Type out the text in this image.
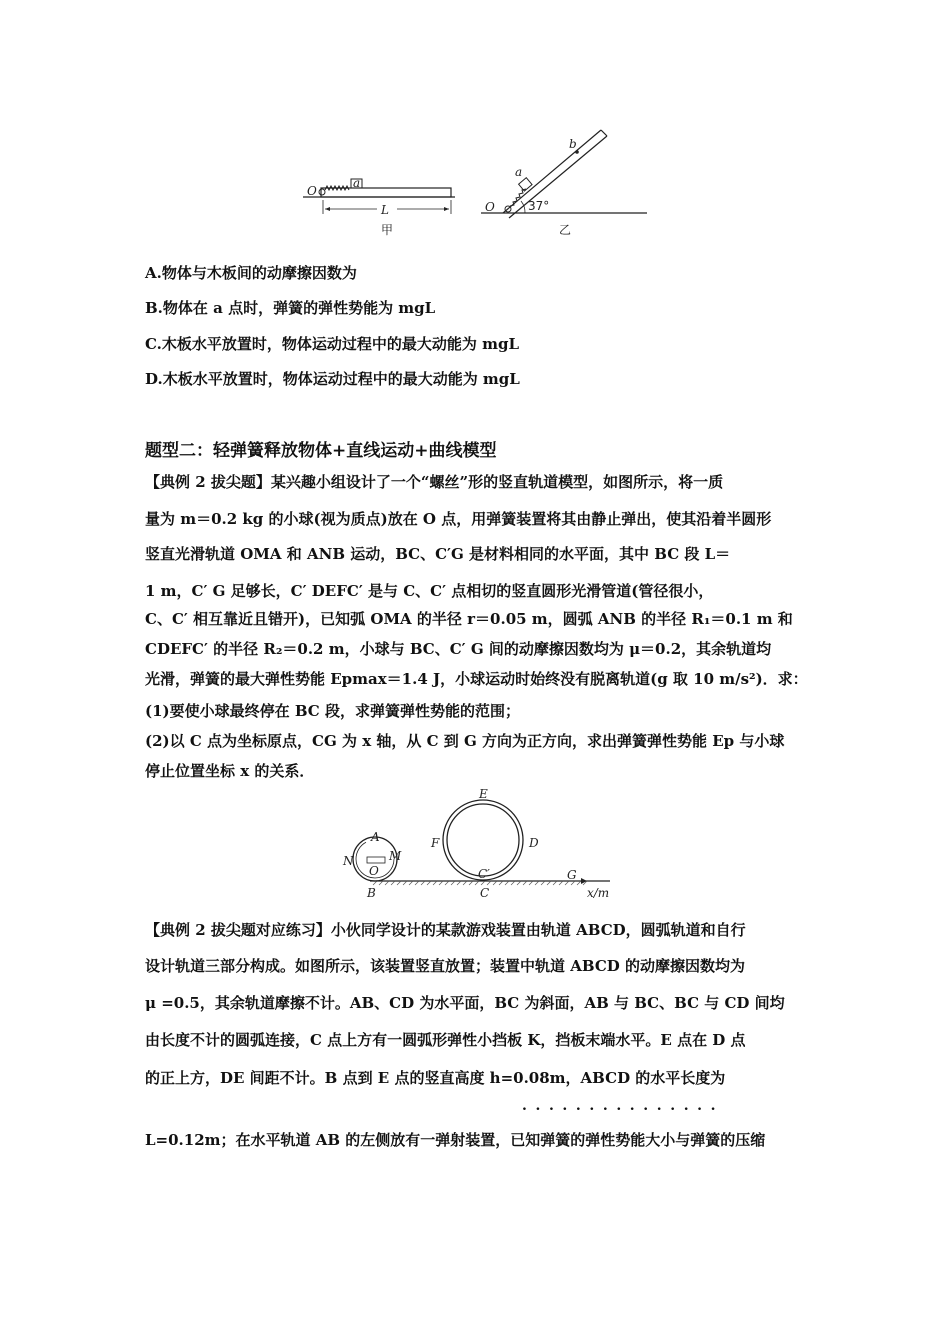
O
a
L
甲
O
a
b
37°
乙
A.物体与木板间的动摩擦因数为
B.物体在 a 点时，弹簧的弹性势能为 mgL
C.木板水平放置时，物体运动过程中的最大动能为 mgL
D.木板水平放置时，物体运动过程中的最大动能为 mgL
题型二：轻弹簧释放物体+直线运动+曲线模型
【典例 2 拔尖题】某兴趣小组设计了一个“螺丝”形的竖直轨道模型，如图所示，将一质
量为 m＝0.2 kg 的小球(视为质点)放在 O 点，用弹簧装置将其由静止弹出，使其沿着半圆形
竖直光滑轨道 OMA 和 ANB 运动，BC、C′G 是材料相同的水平面，其中 BC 段 L＝
1 m，C′ G 足够长，C′ DEFC′ 是与 C、C′ 点相切的竖直圆形光滑管道(管径很小，
C、C′ 相互靠近且错开)，已知弧 OMA 的半径 r＝0.05 m，圆弧 ANB 的半径 R₁＝0.1 m 和
CDEFC′ 的半径 R₂＝0.2 m，小球与 BC、C′ G 间的动摩擦因数均为 μ＝0.2，其余轨道均
光滑，弹簧的最大弹性势能 Epmax＝1.4 J，小球运动时始终没有脱离轨道(g 取 10 m/s²)．求：
(1)要使小球最终停在 BC 段，求弹簧弹性势能的范围；
(2)以 C 点为坐标原点，CG 为 x 轴，从 C 到 G 方向为正方向，求出弹簧弹性势能 Ep 与小球
停止位置坐标 x 的关系．
A
N	M
O
B	C
C′
D
E
F
G
x/m
【典例 2 拔尖题对应练习】小伙同学设计的某款游戏装置由轨道 ABCD，圆弧轨道和自行
设计轨道三部分构成。如图所示，该装置竖直放置；装置中轨道 ABCD 的动摩擦因数均为
μ =0.5，其余轨道摩擦不计。AB、CD 为水平面，BC 为斜面，AB 与 BC、BC 与 CD 间均
由长度不计的圆弧连接，C 点上方有一圆弧形弹性小挡板 K，挡板末端水平。E 点在 D 点
的正上方，DE 间距不计。B 点到 E 点的竖直高度 h=0.08m，ABCD 的水平长度为
...............
L=0.12m；在水平轨道 AB 的左侧放有一弹射装置，已知弹簧的弹性势能大小与弹簧的压缩
